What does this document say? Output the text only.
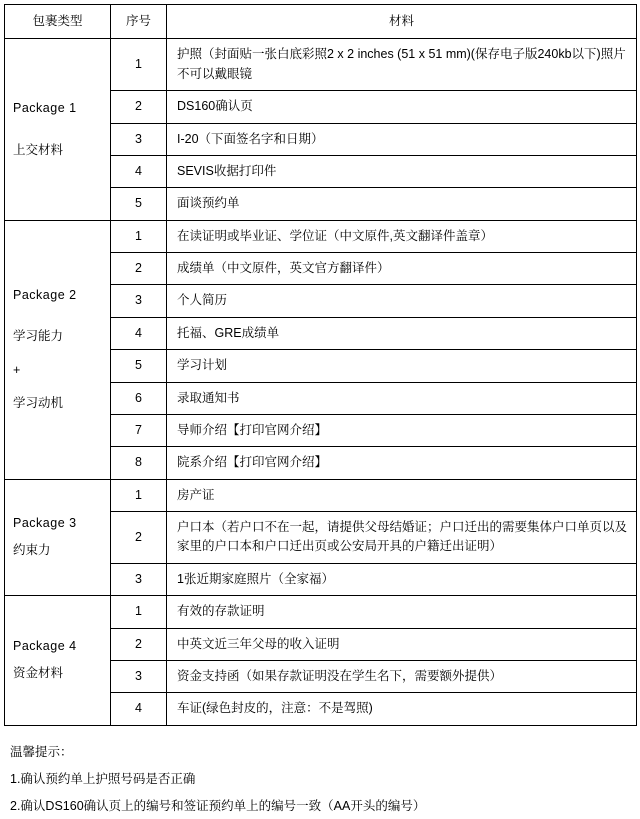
包裹类型	序号	材料

Package 1
上交材料	1	护照（封面贴一张白底彩照2 x 2 inches (51 x 51 mm)(保存电子版240kb以下)照片不可以戴眼镜
	2	DS160确认页
	3	I-20（下面签名字和日期）
	4	SEVIS收据打印件
	5	面谈预约单

Package 2
学习能力
+
学习动机	1	在读证明或毕业证、学位证（中文原件,英文翻译件盖章）
	2	成绩单（中文原件，英文官方翻译件）
	3	个人简历
	4	托福、GRE成绩单
	5	学习计划
	6	录取通知书
	7	导师介绍【打印官网介绍】
	8	院系介绍【打印官网介绍】

Package 3
约束力	1	房产证
	2	户口本（若户口不在一起，请提供父母结婚证；户口迁出的需要集体户口单页以及家里的户口本和户口迁出页或公安局开具的户籍迁出证明）
	3	1张近期家庭照片（全家福）

Package 4
资金材料	1	有效的存款证明
	2	中英文近三年父母的收入证明
	3	资金支持函（如果存款证明没在学生名下，需要额外提供）
	4	车证(绿色封皮的，注意：不是驾照)
温馨提示：
1.确认预约单上护照号码是否正确
2.确认DS160确认页上的编号和签证预约单上的编号一致（AA开头的编号）
